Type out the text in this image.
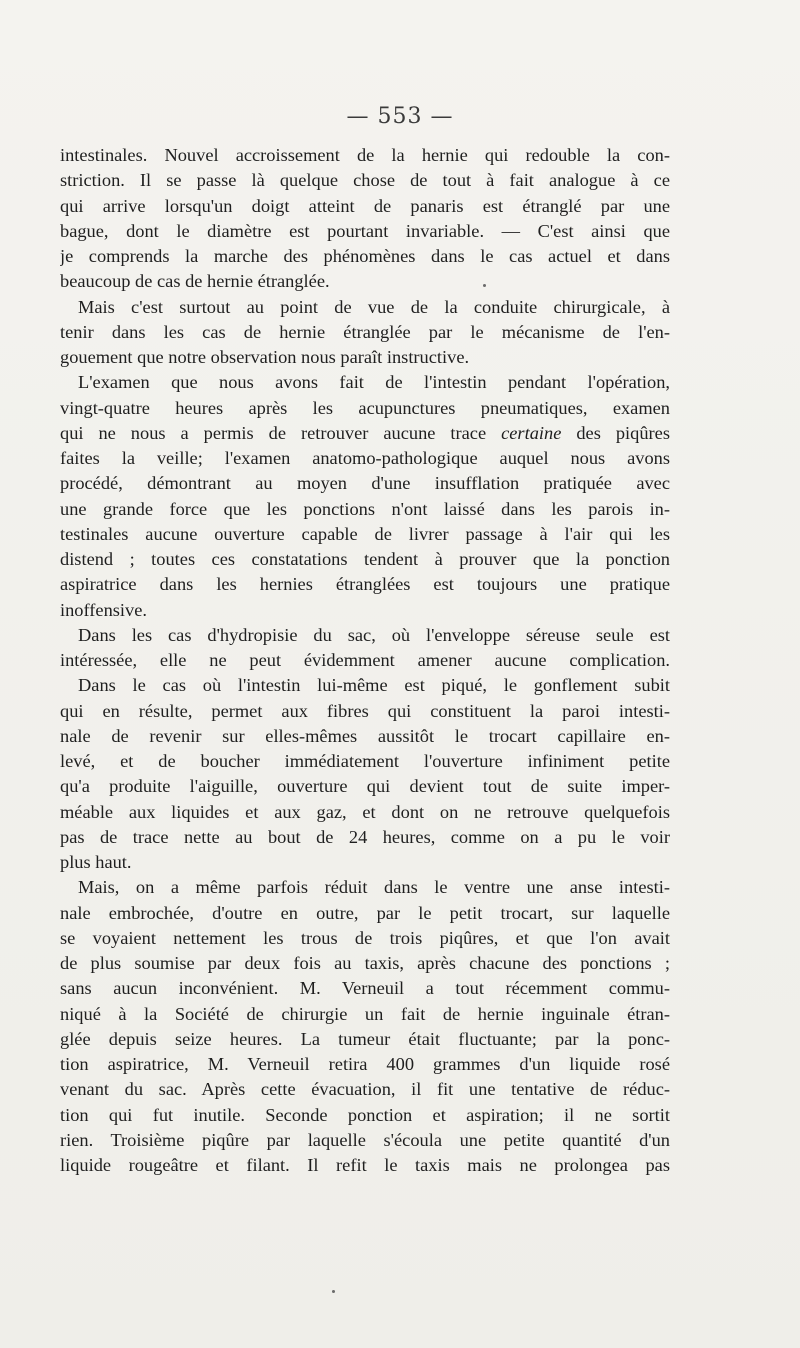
— 553 —
intestinales. Nouvel accroissement de la hernie qui redouble la con-
striction. Il se passe là quelque chose de tout à fait analogue à ce
qui arrive lorsqu'un doigt atteint de panaris est étranglé par une
bague, dont le diamètre est pourtant invariable. — C'est ainsi que
je comprends la marche des phénomènes dans le cas actuel et dans
beaucoup de cas de hernie étranglée.
Mais c'est surtout au point de vue de la conduite chirurgicale, à
tenir dans les cas de hernie étranglée par le mécanisme de l'en-
gouement que notre observation nous paraît instructive.
L'examen que nous avons fait de l'intestin pendant l'opération,
vingt-quatre heures après les acupunctures pneumatiques, examen
qui ne nous a permis de retrouver aucune trace certaine des piqûres
faites la veille; l'examen anatomo-pathologique auquel nous avons
procédé, démontrant au moyen d'une insufflation pratiquée avec
une grande force que les ponctions n'ont laissé dans les parois in-
testinales aucune ouverture capable de livrer passage à l'air qui les
distend ; toutes ces constatations tendent à prouver que la ponction
aspiratrice dans les hernies étranglées est toujours une pratique
inoffensive.
Dans les cas d'hydropisie du sac, où l'enveloppe séreuse seule est
intéressée, elle ne peut évidemment amener aucune complication.
Dans le cas où l'intestin lui-même est piqué, le gonflement subit
qui en résulte, permet aux fibres qui constituent la paroi intesti-
nale de revenir sur elles-mêmes aussitôt le trocart capillaire en-
levé, et de boucher immédiatement l'ouverture infiniment petite
qu'a produite l'aiguille, ouverture qui devient tout de suite imper-
méable aux liquides et aux gaz, et dont on ne retrouve quelquefois
pas de trace nette au bout de 24 heures, comme on a pu le voir
plus haut.
Mais, on a même parfois réduit dans le ventre une anse intesti-
nale embrochée, d'outre en outre, par le petit trocart, sur laquelle
se voyaient nettement les trous de trois piqûres, et que l'on avait
de plus soumise par deux fois au taxis, après chacune des ponctions ;
sans aucun inconvénient. M. Verneuil a tout récemment commu-
niqué à la Société de chirurgie un fait de hernie inguinale étran-
glée depuis seize heures. La tumeur était fluctuante; par la ponc-
tion aspiratrice, M. Verneuil retira 400 grammes d'un liquide rosé
venant du sac. Après cette évacuation, il fit une tentative de réduc-
tion qui fut inutile. Seconde ponction et aspiration; il ne sortit
rien. Troisième piqûre par laquelle s'écoula une petite quantité d'un
liquide rougeâtre et filant. Il refit le taxis mais ne prolongea pas
